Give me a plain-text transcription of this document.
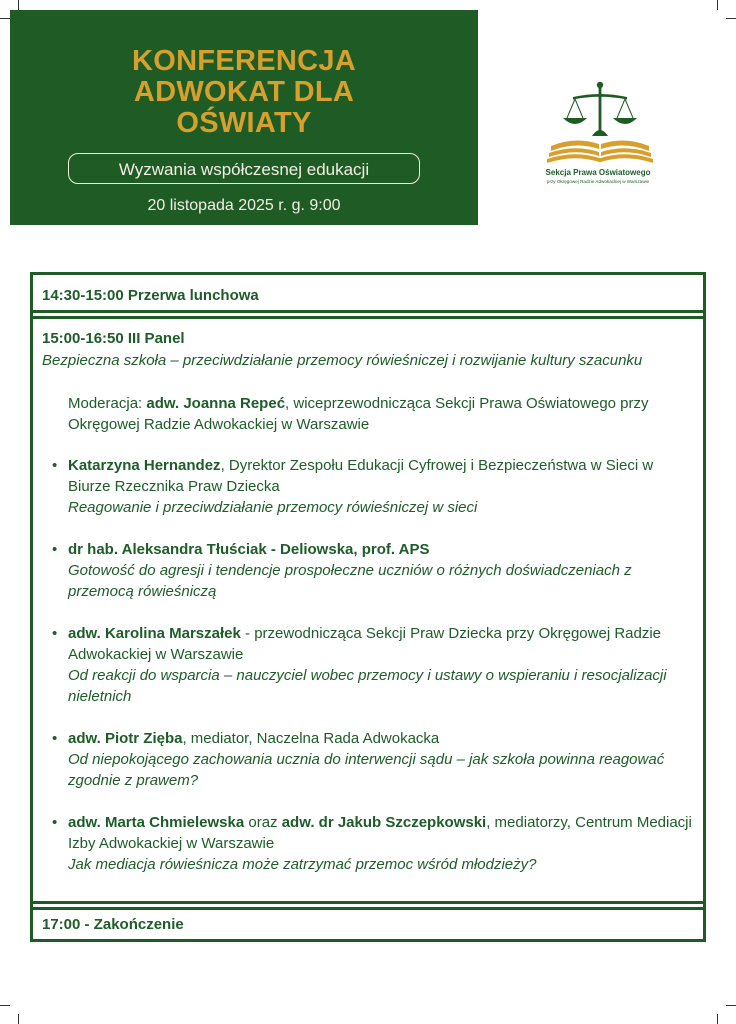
KONFERENCJA
ADWOKAT DLA
OŚWIATY
Wyzwania współczesnej edukacji
20 listopada 2025 r. g. 9:00
Sekcja Prawa Oświatowego
przy Okręgowej Radzie Adwokackiej w Warszawie
14:30-15:00 Przerwa lunchowa
15:00-16:50 III Panel
Bezpieczna szkoła – przeciwdziałanie przemocy rówieśniczej i rozwijanie kultury szacunku
Moderacja: adw. Joanna Repeć, wiceprzewodnicząca Sekcji Prawa Oświatowego przy Okręgowej Radzie Adwokackiej w Warszawie
• Katarzyna Hernandez, Dyrektor Zespołu Edukacji Cyfrowej i Bezpieczeństwa w Sieci w Biurze Rzecznika Praw Dziecka
Reagowanie i przeciwdziałanie przemocy rówieśniczej w sieci
• dr hab. Aleksandra Tłuściak - Deliowska, prof. APS
Gotowość do agresji i tendencje prospołeczne uczniów o różnych doświadczeniach z przemocą rówieśniczą
• adw. Karolina Marszałek - przewodnicząca Sekcji Praw Dziecka przy Okręgowej Radzie Adwokackiej w Warszawie
Od reakcji do wsparcia – nauczyciel wobec przemocy i ustawy o wspieraniu i resocjalizacji nieletnich
• adw. Piotr Zięba, mediator, Naczelna Rada Adwokacka
Od niepokojącego zachowania ucznia do interwencji sądu – jak szkoła powinna reagować zgodnie z prawem?
• adw. Marta Chmielewska oraz adw. dr Jakub Szczepkowski, mediatorzy, Centrum Mediacji Izby Adwokackiej w Warszawie
Jak mediacja rówieśnicza może zatrzymać przemoc wśród młodzieży?
17:00 - Zakończenie
